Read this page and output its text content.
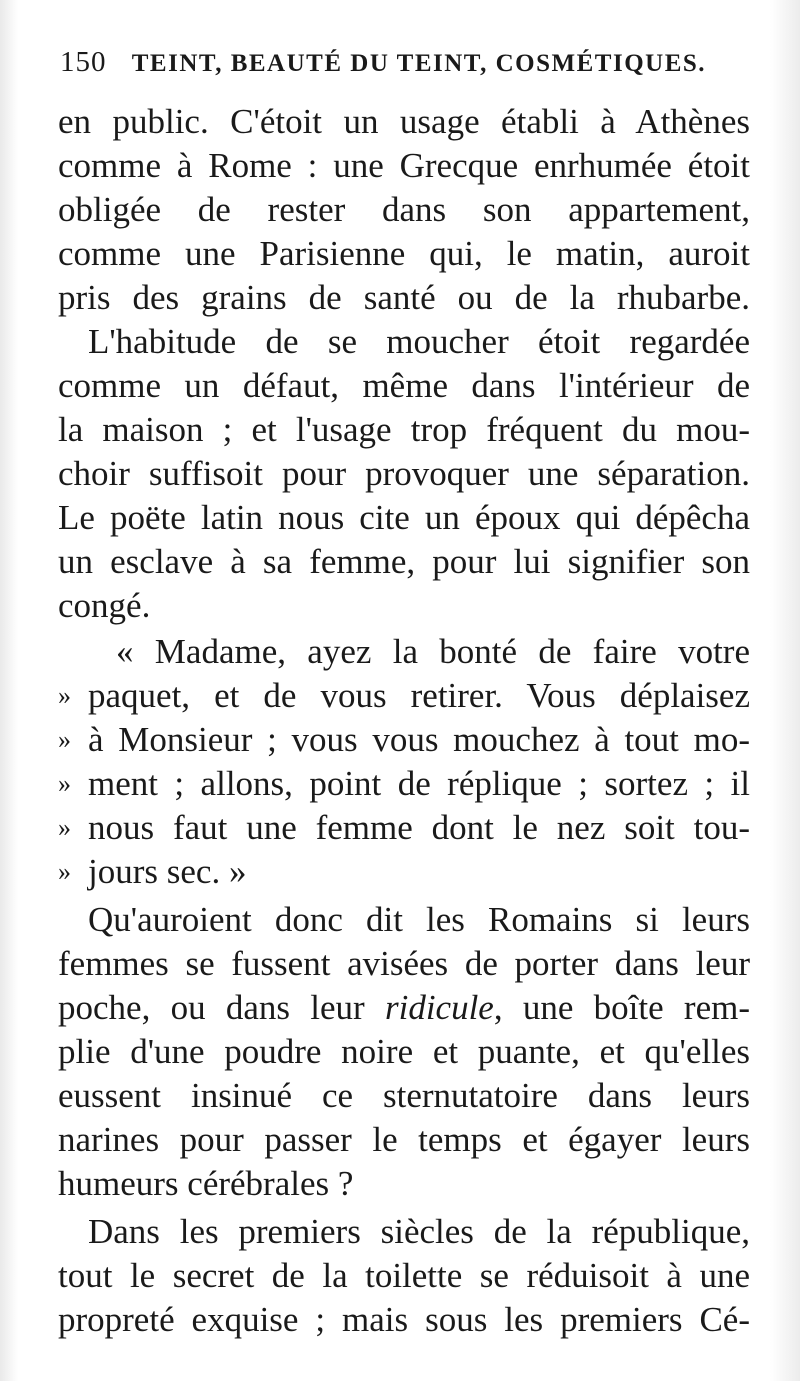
150 TEINT, BEAUTÉ DU TEINT, COSMÉTIQUES.
en public. C'étoit un usage établi à Athènes
comme à Rome : une Grecque enrhumée étoit
obligée de rester dans son appartement,
comme une Parisienne qui, le matin, auroit
pris des grains de santé ou de la rhubarbe.
L'habitude de se moucher étoit regardée
comme un défaut, même dans l'intérieur de
la maison ; et l'usage trop fréquent du mou-
choir suffisoit pour provoquer une séparation.
Le poëte latin nous cite un époux qui dépêcha
un esclave à sa femme, pour lui signifier son
congé.
« Madame, ayez la bonté de faire votre
» paquet, et de vous retirer. Vous déplaisez
» à Monsieur ; vous vous mouchez à tout mo-
» ment ; allons, point de réplique ; sortez ; il
» nous faut une femme dont le nez soit tou-
» jours sec. »
Qu'auroient donc dit les Romains si leurs
femmes se fussent avisées de porter dans leur
poche, ou dans leur ridicule, une boîte rem-
plie d'une poudre noire et puante, et qu'elles
eussent insinué ce sternutatoire dans leurs
narines pour passer le temps et égayer leurs
humeurs cérébrales ?
Dans les premiers siècles de la république,
tout le secret de la toilette se réduisoit à une
propreté exquise ; mais sous les premiers Cé-
